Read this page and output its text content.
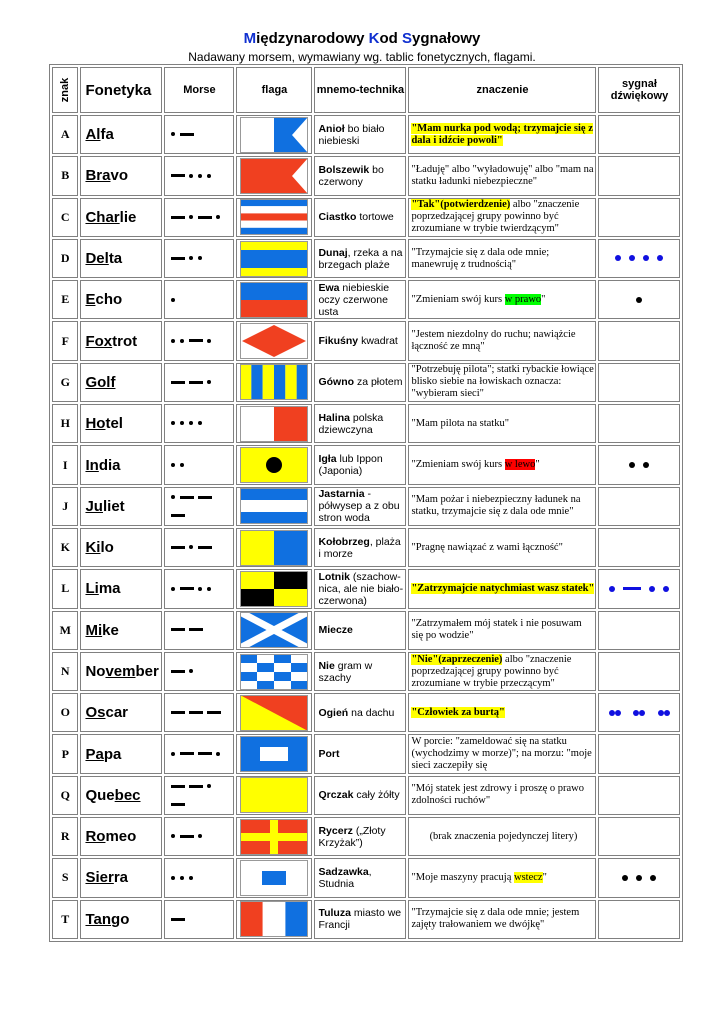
Międzynarodowy Kod Sygnałowy
Nadawany morsem, wymawiany wg. tablic fonetycznych, flagami.
znak	Fonetyka	Morse	flaga	mnemo-technika	znaczenie	sygnał dźwiękowy
A	Alfa			Anioł bo biało niebieski	"Mam nurka pod wodą; trzymajcie się z dala i idźcie powoli"	
B	Bravo			Bolszewik bo czerwony	"Ładuję" albo "wyładowuję" albo "mam na statku ładunki niebezpieczne"	
C	Charlie			Ciastko tortowe	"Tak"(potwierdzenie) albo "znaczenie poprzedzającej grupy powinno być zrozumiane w trybie twierdzącym"	
D	Delta			Dunaj, rzeka a na brzegach plaże	"Trzymajcie się z dala ode mnie; manewruję z trudnością"	
E	Echo			Ewa niebieskie oczy czerwone usta	"Zmieniam swój kurs w prawo"	
F	Foxtrot			Fikuśny kwadrat	"Jestem niezdolny do ruchu; nawiążcie łączność ze mną"	
G	Golf			Gówno za płotem	"Potrzebuję pilota"; statki rybackie łowiące blisko siebie na łowiskach oznacza: "wybieram sieci"	
H	Hotel			Halina polska dziewczyna	"Mam pilota na statku"	
I	India			Igła lub Ippon (Japonia)	"Zmieniam swój kurs w lewo"	
J	Juliet			Jastarnia - półwysep a z obu stron woda	"Mam pożar i niebezpieczny ładunek na statku, trzymajcie się z dala ode mnie"	
K	Kilo			Kołobrzeg, plaża i morze	"Pragnę nawiązać z wami łączność"	
L	Lima			Lotnik (szachow-nica, ale nie biało-czerwona)	"Zatrzymajcie natychmiast wasz statek"	
M	Mike			Miecze	"Zatrzymałem mój statek i nie posuwam się po wodzie"	
N	November			Nie gram w szachy	"Nie"(zaprzeczenie) albo "znaczenie poprzedzającej grupy powinno być zrozumiane w trybie przeczącym"	
O	Oscar			Ogień na dachu	"Człowiek za burtą"	
P	Papa			Port	W porcie: "zameldować się na statku (wychodzimy w morze)"; na morzu: "moje sieci zaczepiły się	
Q	Quebec			Qrczak cały żółty	"Mój statek jest zdrowy i proszę o prawo zdolności ruchów"	
R	Romeo			Rycerz („Złoty Krzyżak”)	(brak znaczenia pojedynczej litery)	
S	Sierra			Sadzawka, Studnia	"Moje maszyny pracują wstecz"	
T	Tango			Tuluza miasto we Francji	"Trzymajcie się z dala ode mnie; jestem zajęty trałowaniem we dwójkę"	
